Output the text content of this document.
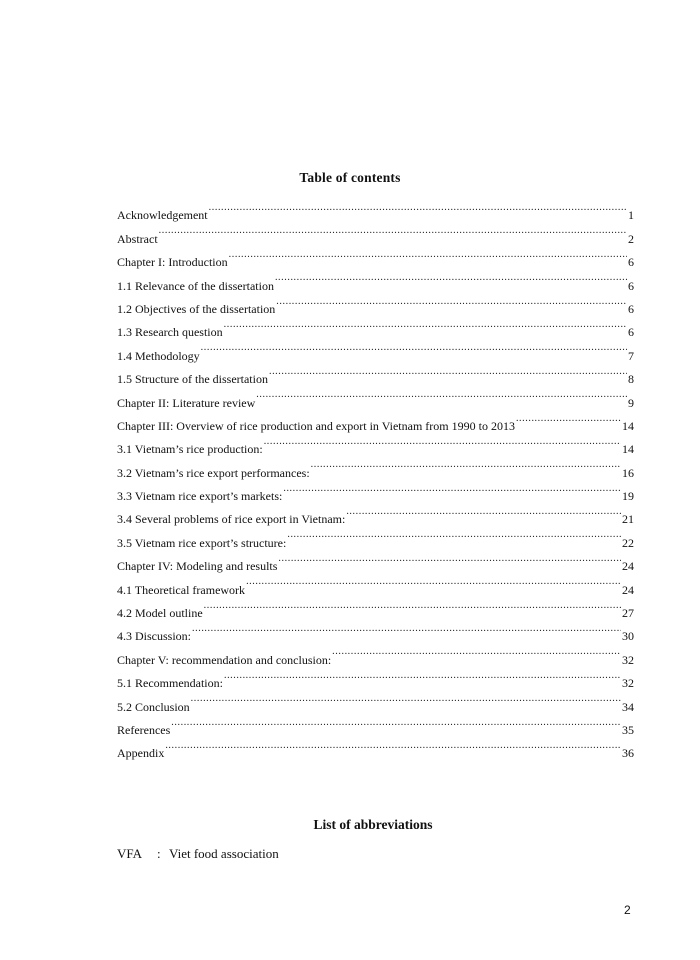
Table of contents
Acknowledgement .....	1
Abstract .....	2
Chapter I: Introduction .....	6
1.1 Relevance of the dissertation .....	6
1.2 Objectives of the dissertation .....	6
1.3 Research question .....	6
1.4 Methodology .....	7
1.5 Structure of the dissertation .....	8
Chapter II: Literature review .....	9
Chapter III: Overview of rice production and export in Vietnam from 1990 to 2013 .....	14
3.1 Vietnam’s rice production: .....	14
3.2 Vietnam’s rice export performances: .....	16
3.3 Vietnam rice export’s markets: .....	19
3.4 Several problems of rice export in Vietnam: .....	21
3.5 Vietnam rice export’s structure: .....	22
Chapter IV: Modeling and results .....	24
4.1 Theoretical framework .....	24
4.2 Model outline .....	27
4.3 Discussion: .....	30
Chapter V: recommendation and conclusion: .....	32
5.1 Recommendation: .....	32
5.2 Conclusion .....	34
References .....	35
Appendix .....	36
List of abbreviations
VFA : Viet food association
2
